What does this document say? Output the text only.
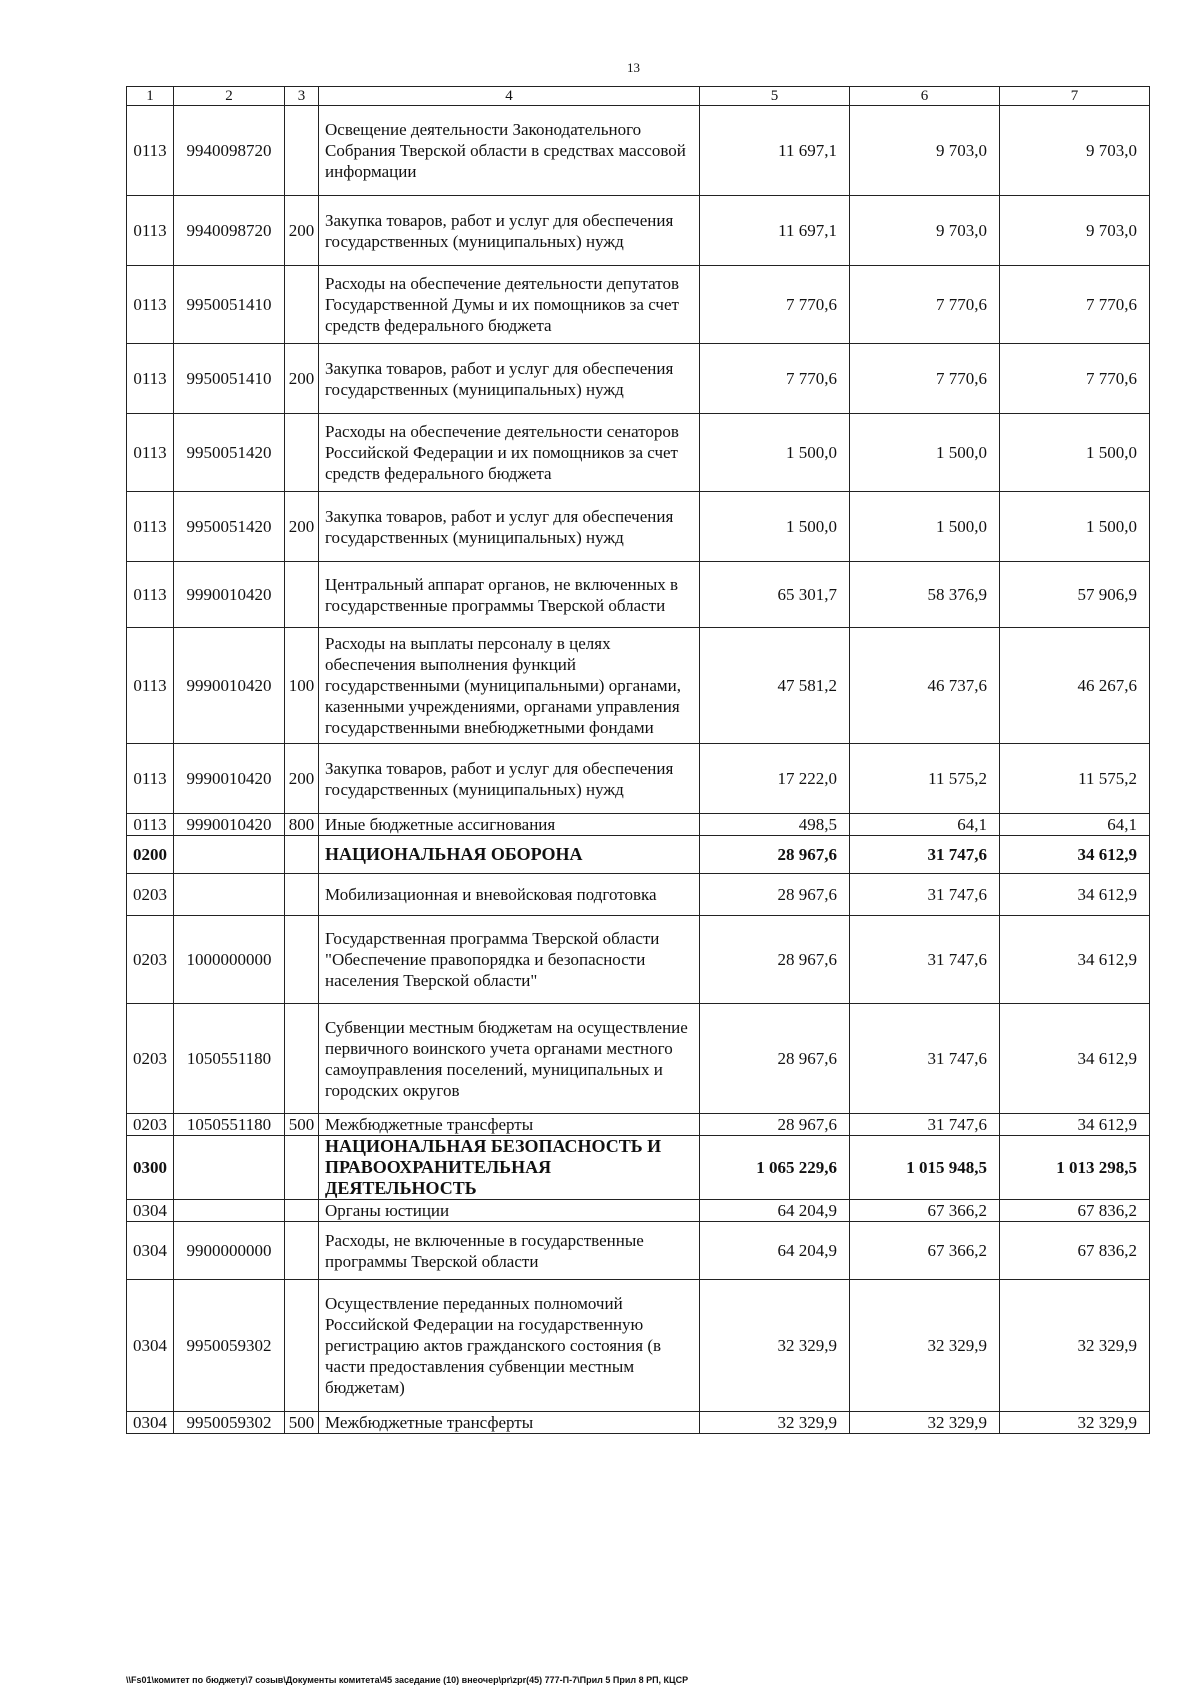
13
1	2	3	4	5	6	7
0113	9940098720		Освещение деятельности Законодательного Собрания Тверской области в средствах массовой информации	11 697,1	9 703,0	9 703,0
0113	9940098720	200	Закупка товаров, работ и услуг для обеспечения государственных (муниципальных) нужд	11 697,1	9 703,0	9 703,0
0113	9950051410		Расходы на обеспечение деятельности депутатов Государственной Думы и их помощников за счет средств федерального бюджета	7 770,6	7 770,6	7 770,6
0113	9950051410	200	Закупка товаров, работ и услуг для обеспечения государственных (муниципальных) нужд	7 770,6	7 770,6	7 770,6
0113	9950051420		Расходы на обеспечение деятельности сенаторов Российской Федерации и их помощников за счет средств федерального бюджета	1 500,0	1 500,0	1 500,0
0113	9950051420	200	Закупка товаров, работ и услуг для обеспечения государственных (муниципальных) нужд	1 500,0	1 500,0	1 500,0
0113	9990010420		Центральный аппарат органов, не включенных в государственные программы Тверской области	65 301,7	58 376,9	57 906,9
0113	9990010420	100	Расходы на выплаты персоналу в целях обеспечения выполнения функций государственными (муниципальными) органами, казенными учреждениями, органами управления государственными внебюджетными фондами	47 581,2	46 737,6	46 267,6
0113	9990010420	200	Закупка товаров, работ и услуг для обеспечения государственных (муниципальных) нужд	17 222,0	11 575,2	11 575,2
0113	9990010420	800	Иные бюджетные ассигнования	498,5	64,1	64,1
0200			НАЦИОНАЛЬНАЯ ОБОРОНА	28 967,6	31 747,6	34 612,9
0203			Мобилизационная и вневойсковая подготовка	28 967,6	31 747,6	34 612,9
0203	1000000000		Государственная программа Тверской области "Обеспечение правопорядка и безопасности населения Тверской области"	28 967,6	31 747,6	34 612,9
0203	1050551180		Субвенции местным бюджетам на осуществление первичного воинского учета органами местного самоуправления поселений, муниципальных и городских округов	28 967,6	31 747,6	34 612,9
0203	1050551180	500	Межбюджетные трансферты	28 967,6	31 747,6	34 612,9
0300			НАЦИОНАЛЬНАЯ БЕЗОПАСНОСТЬ И ПРАВООХРАНИТЕЛЬНАЯ ДЕЯТЕЛЬНОСТЬ	1 065 229,6	1 015 948,5	1 013 298,5
0304			Органы юстиции	64 204,9	67 366,2	67 836,2
0304	9900000000		Расходы, не включенные в государственные программы Тверской области	64 204,9	67 366,2	67 836,2
0304	9950059302		Осуществление переданных полномочий Российской Федерации на государственную регистрацию актов гражданского состояния (в части предоставления субвенции местным бюджетам)	32 329,9	32 329,9	32 329,9
0304	9950059302	500	Межбюджетные трансферты	32 329,9	32 329,9	32 329,9
\\Fs01\комитет по бюджету\7 созыв\Документы комитета\45 заседание (10) внеочер\pr\zpr(45) 777-П-7\Прил 5 Прил 8 РП, КЦСР
